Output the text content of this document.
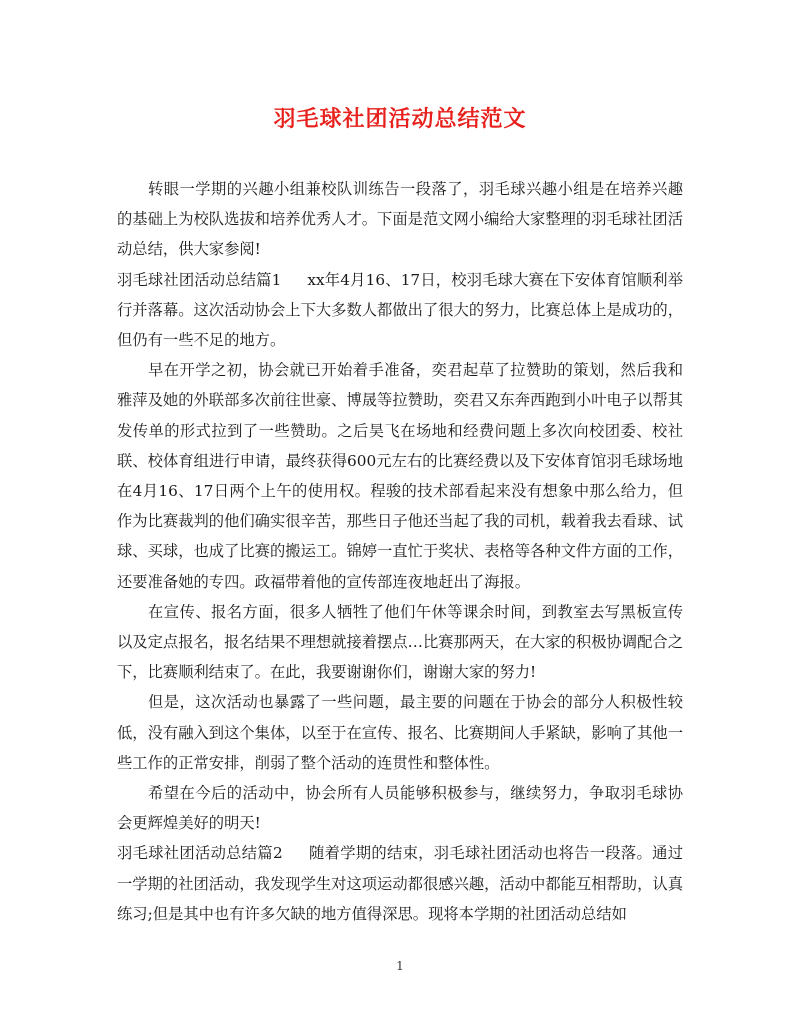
羽毛球社团活动总结范文

转眼一学期的兴趣小组兼校队训练告一段落了，羽毛球兴趣小组是在培养兴趣的基础上为校队选拔和培养优秀人才。下面是范文网小编给大家整理的羽毛球社团活动总结，供大家参阅!

羽毛球社团活动总结篇1 xx年4月16、17日，校羽毛球大赛在下安体育馆顺利举行并落幕。这次活动协会上下大多数人都做出了很大的努力，比赛总体上是成功的，但仍有一些不足的地方。

早在开学之初，协会就已开始着手准备，奕君起草了拉赞助的策划，然后我和雅萍及她的外联部多次前往世豪、博晟等拉赞助，奕君又东奔西跑到小叶电子以帮其发传单的形式拉到了一些赞助。之后昊飞在场地和经费问题上多次向校团委、校社联、校体育组进行申请，最终获得600元左右的比赛经费以及下安体育馆羽毛球场地在4月16、17日两个上午的使用权。程骏的技术部看起来没有想象中那么给力，但作为比赛裁判的他们确实很辛苦，那些日子他还当起了我的司机，载着我去看球、试球、买球，也成了比赛的搬运工。锦婷一直忙于奖状、表格等各种文件方面的工作，还要准备她的专四。政福带着他的宣传部连夜地赶出了海报。

在宣传、报名方面，很多人牺牲了他们午休等课余时间，到教室去写黑板宣传以及定点报名，报名结果不理想就接着摆点…比赛那两天，在大家的积极协调配合之下，比赛顺利结束了。在此，我要谢谢你们，谢谢大家的努力!

但是，这次活动也暴露了一些问题，最主要的问题在于协会的部分人积极性较低，没有融入到这个集体，以至于在宣传、报名、比赛期间人手紧缺，影响了其他一些工作的正常安排，削弱了整个活动的连贯性和整体性。

希望在今后的活动中，协会所有人员能够积极参与，继续努力，争取羽毛球协会更辉煌美好的明天!

羽毛球社团活动总结篇2 随着学期的结束，羽毛球社团活动也将告一段落。通过一学期的社团活动，我发现学生对这项运动都很感兴趣，活动中都能互相帮助，认真练习;但是其中也有许多欠缺的地方值得深思。现将本学期的社团活动总结如

1
